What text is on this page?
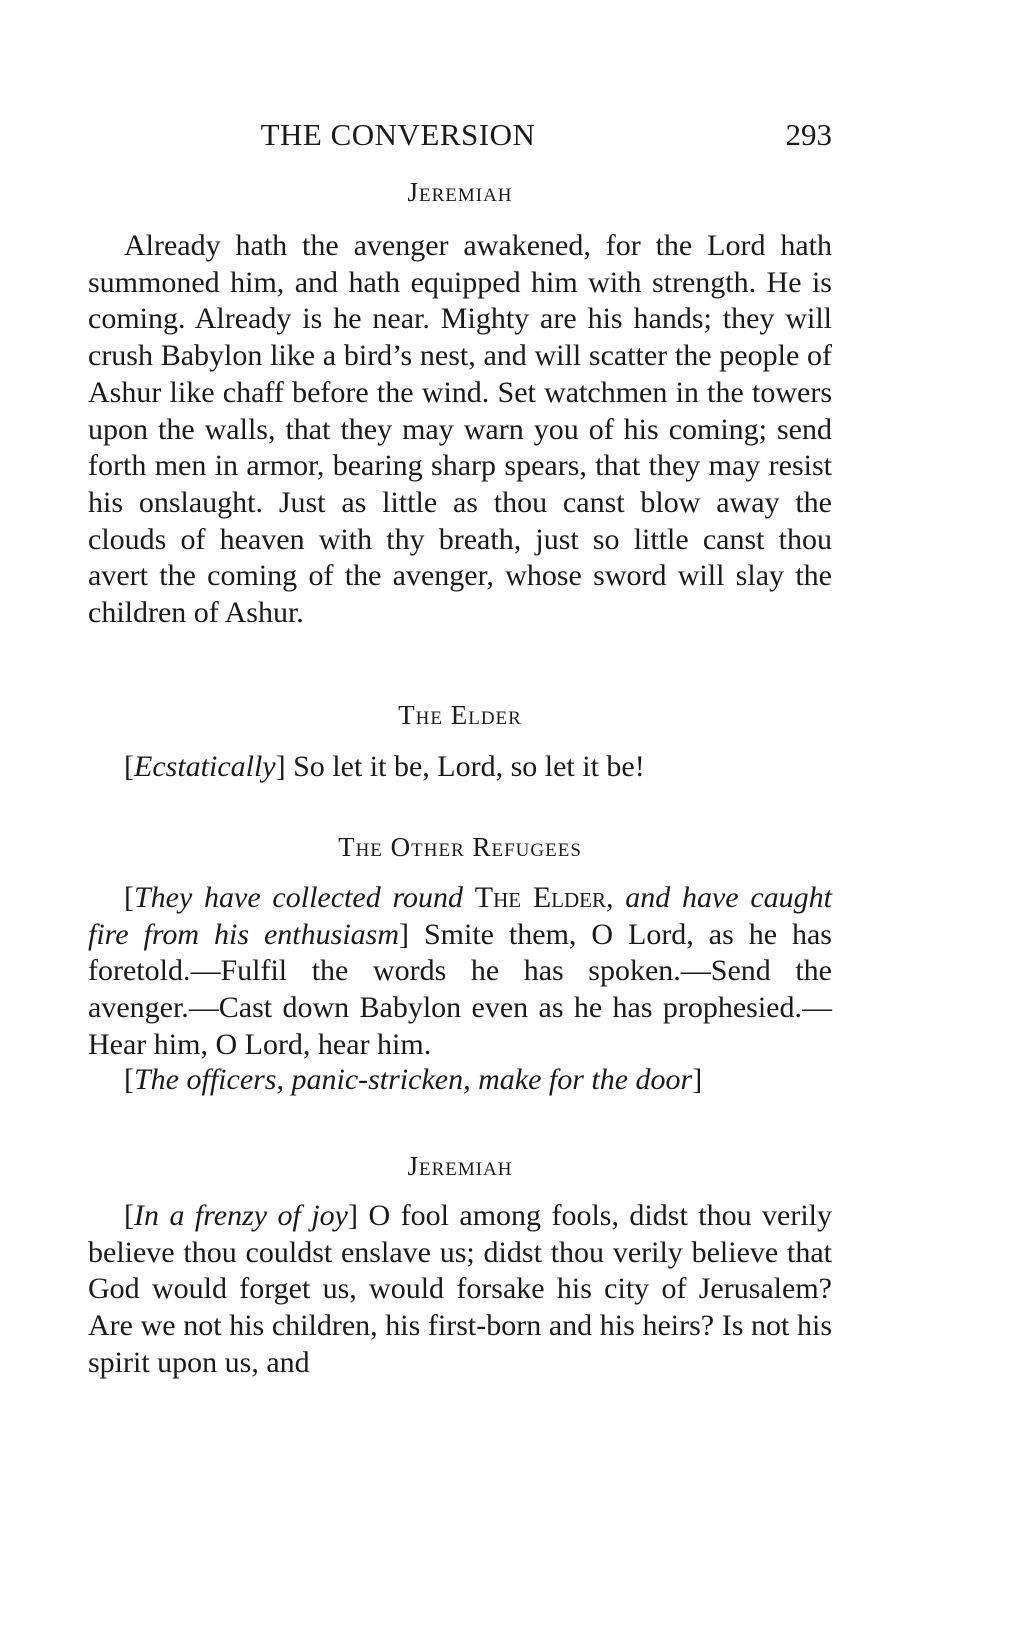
THE CONVERSION	293
Jeremiah

Already hath the avenger awakened, for the Lord hath summoned him, and hath equipped him with strength. He is coming. Already is he near. Mighty are his hands; they will crush Babylon like a bird’s nest, and will scatter the people of Ashur like chaff before the wind. Set watchmen in the towers upon the walls, that they may warn you of his coming; send forth men in armor, bearing sharp spears, that they may resist his onslaught. Just as little as thou canst blow away the clouds of heaven with thy breath, just so little canst thou avert the coming of the avenger, whose sword will slay the children of Ashur.

The Elder

[Ecstatically] So let it be, Lord, so let it be!

The Other Refugees

[They have collected round The Elder, and have caught fire from his enthusiasm] Smite them, O Lord, as he has foretold.—Fulfil the words he has spoken.—Send the avenger.—Cast down Babylon even as he has prophesied.—Hear him, O Lord, hear him.

[The officers, panic-stricken, make for the door]

Jeremiah

[In a frenzy of joy] O fool among fools, didst thou verily believe thou couldst enslave us; didst thou verily believe that God would forget us, would forsake his city of Jerusalem? Are we not his children, his first-born and his heirs? Is not his spirit upon us, and
